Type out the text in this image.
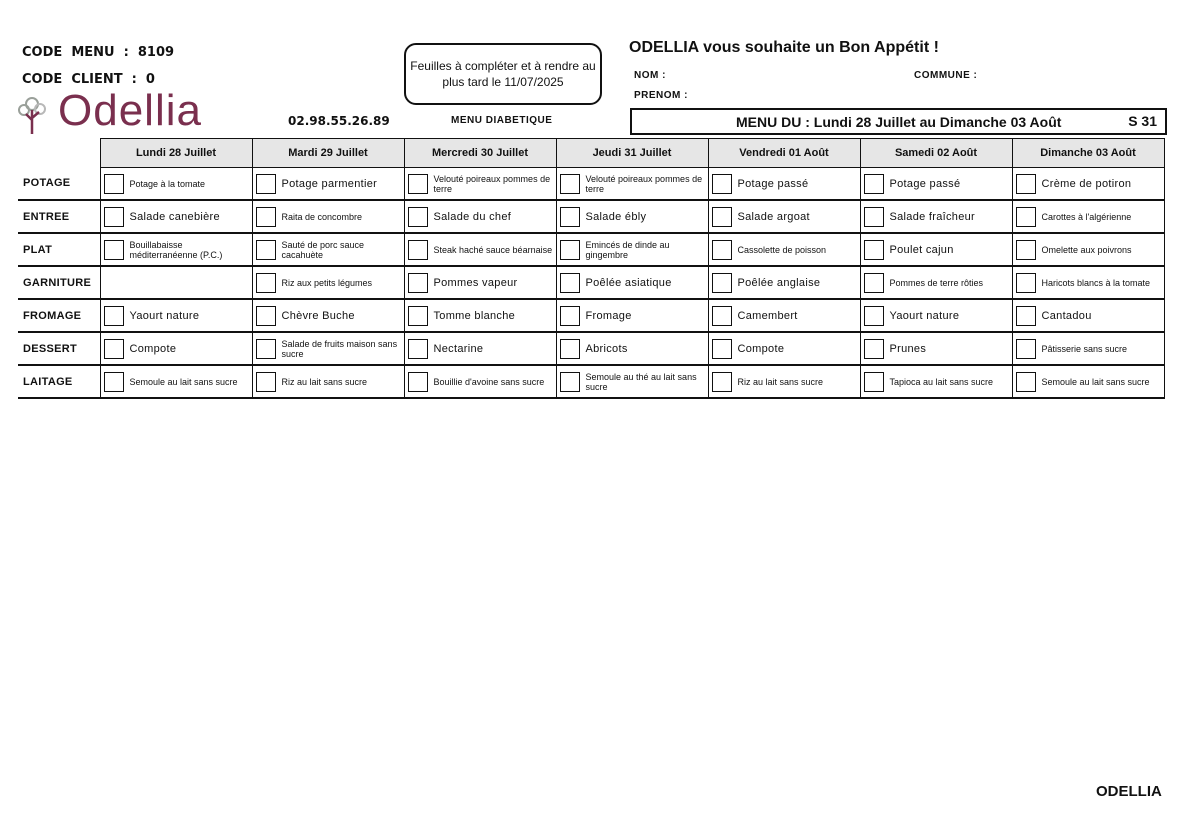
CODE  MENU  :  8109
CODE  CLIENT  :  0
Odellia	02.98.55.26.89	MENU DIABETIQUE
Feuilles à compléter et à rendre au plus tard le 11/07/2025
ODELLIA vous souhaite un Bon Appétit !
NOM :
PRENOM :
COMMUNE :
MENU DU : Lundi 28 Juillet au Dimanche 03 Août	S 31
	Lundi 28 Juillet	Mardi 29 Juillet	Mercredi 30 Juillet	Jeudi 31 Juillet	Vendredi 01 Août	Samedi 02 Août	Dimanche 03 Août
POTAGE	Potage à la tomate	Potage parmentier	Velouté poireaux pommes de terre	Velouté poireaux pommes de terre	Potage passé	Potage passé	Crème de potiron

ENTREE	Salade canebière	Raita de concombre	Salade du chef	Salade ébly	Salade argoat	Salade fraîcheur	Carottes à l'algérienne

PLAT	Bouillabaisse méditerranéenne (P.C.)	Sauté de porc sauce cacahuète	Steak haché sauce béarnaise	Emincés de dinde au gingembre	Cassolette de poisson	Poulet cajun	Omelette aux poivrons

GARNITURE		Riz aux petits légumes	Pommes vapeur	Poêlée asiatique	Poêlée anglaise	Pommes de terre rôties	Haricots blancs à la tomate

FROMAGE	Yaourt nature	Chèvre Buche	Tomme blanche	Fromage	Camembert	Yaourt nature	Cantadou

DESSERT	Compote	Salade de fruits maison sans sucre	Nectarine	Abricots	Compote	Prunes	Pâtisserie sans sucre

LAITAGE	Semoule au lait sans sucre	Riz au lait sans sucre	Bouillie d'avoine sans sucre	Semoule au thé au lait sans sucre	Riz au lait sans sucre	Tapioca au lait sans sucre	Semoule au lait sans sucre
ODELLIA
